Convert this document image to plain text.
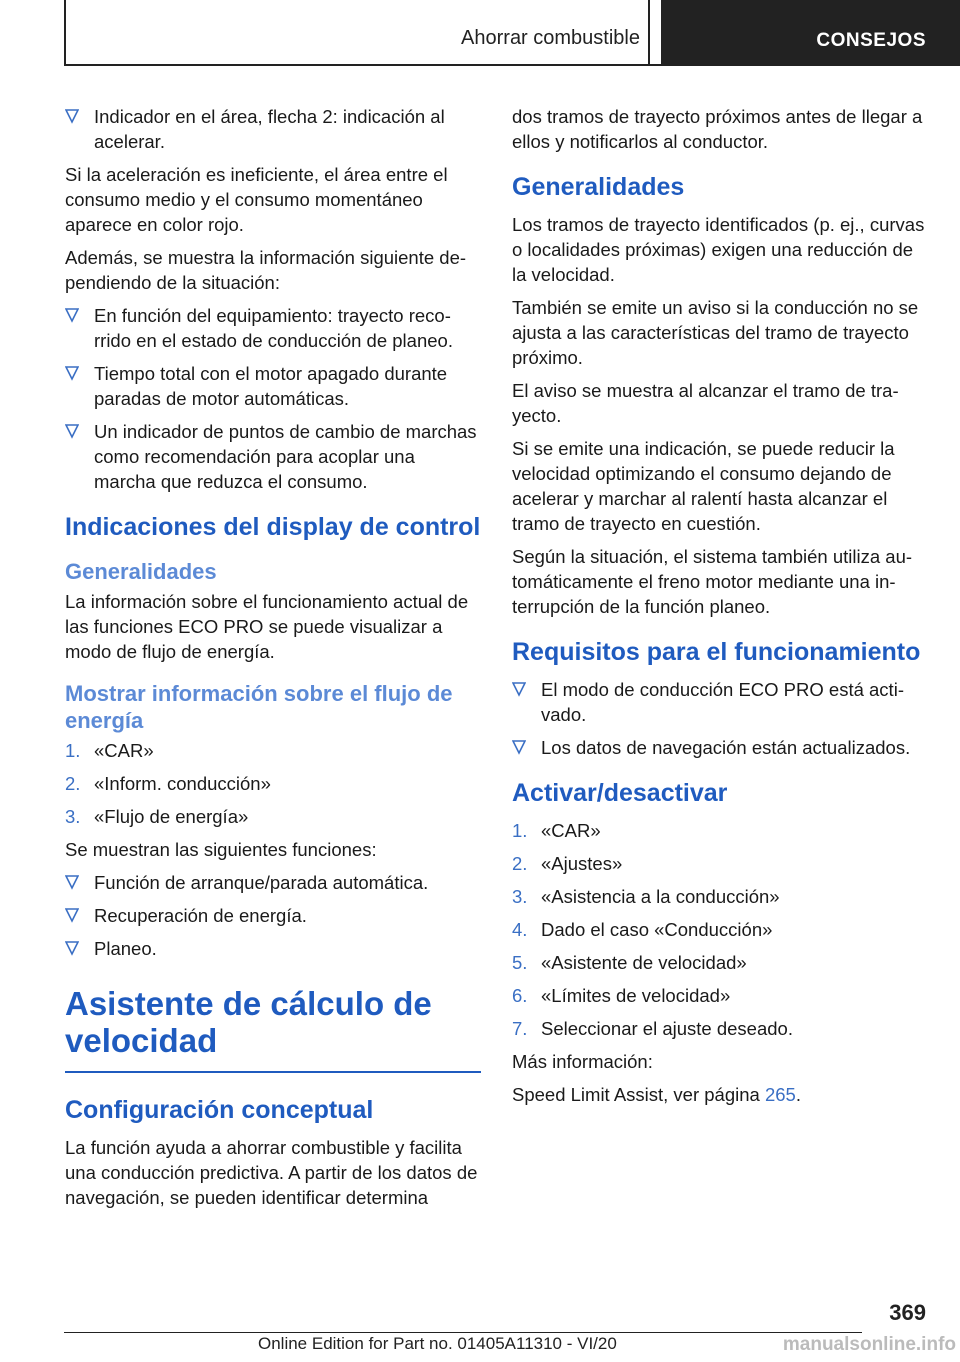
Ahorrar combustible	CONSEJOS
Indicador en el área, flecha 2: indicación al acelerar.

Si la aceleración es ineficiente, el área entre el consumo medio y el consumo momentáneo aparece en color rojo.

Además, se muestra la información siguiente dependiendo de la situación:

En función del equipamiento: trayecto recorrido en el estado de conducción de planeo.
Tiempo total con el motor apagado durante paradas de motor automáticas.
Un indicador de puntos de cambio de marchas como recomendación para acoplar una marcha que reduzca el consumo.
Indicaciones del display de control
Generalidades

La información sobre el funcionamiento actual de las funciones ECO PRO se puede visualizar a modo de flujo de energía.

Mostrar información sobre el flujo de energía
1. «CAR»
2. «Inform. conducción»
3. «Flujo de energía»

Se muestran las siguientes funciones:

Función de arranque/parada automática.
Recuperación de energía.
Planeo.
Asistente de cálculo de velocidad
Configuración conceptual

La función ayuda a ahorrar combustible y facilita una conducción predictiva. A partir de los datos de navegación, se pueden identificar determina

dos tramos de trayecto próximos antes de llegar a ellos y notificarlos al conductor.

Generalidades

Los tramos de trayecto identificados (p. ej., curvas o localidades próximas) exigen una reducción de la velocidad.

También se emite un aviso si la conducción no se ajusta a las características del tramo de trayecto próximo.

El aviso se muestra al alcanzar el tramo de trayecto.

Si se emite una indicación, se puede reducir la velocidad optimizando el consumo dejando de acelerar y marchar al ralentí hasta alcanzar el tramo de trayecto en cuestión.

Según la situación, el sistema también utiliza automáticamente el freno motor mediante una interrupción de la función planeo.

Requisitos para el funcionamiento
El modo de conducción ECO PRO está activado.
Los datos de navegación están actualizados.
Activar/desactivar
1. «CAR»
2. «Ajustes»
3. «Asistencia a la conducción»
4. Dado el caso «Conducción»
5. «Asistente de velocidad»
6. «Límites de velocidad»
7. Seleccionar el ajuste deseado.

Más información:

Speed Limit Assist, ver página 265.

369
Online Edition for Part no. 01405A11310 - VI/20	manualsonline.info
